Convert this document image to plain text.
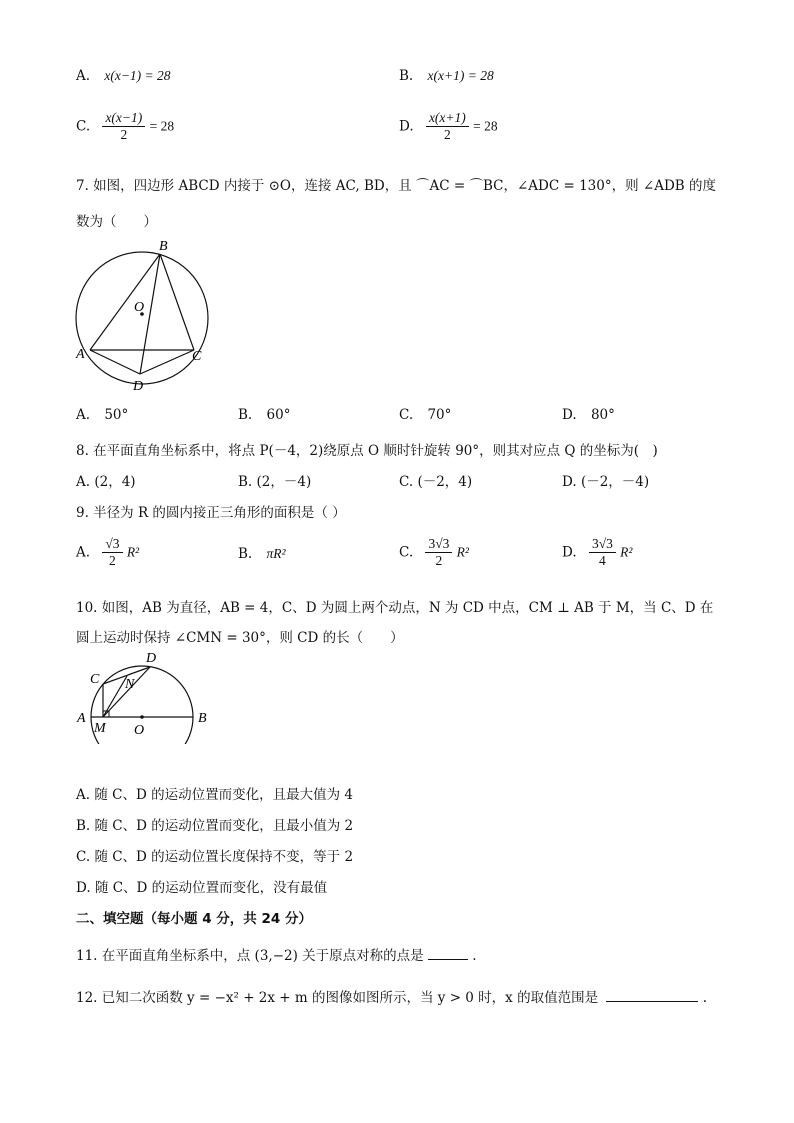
A. x(x−1) = 28	B. x(x+1) = 28
C. $\frac{x(x-1)}{2} = 28$	D. $\frac{x(x+1)}{2} = 28$
7. 如图，四边形 ABCD 内接于 ⊙O，连接 AC, BD，且 ⌒AC = ⌒BC，∠ADC = 130°，则 ∠ADB 的度
数为（　　）
B
O
A	C
D
A. 50°	B. 60°	C. 70°	D. 80°
8. 在平面直角坐标系中，将点 P(－4，2)绕原点 O 顺时针旋转 90°，则其对应点 Q 的坐标为(　)
A. (2，4)	B. (2，－4)	C. (－2，4)	D. (－2，－4)
9. 半径为 R 的圆内接正三角形的面积是（ ）
A. $\frac{√3}{2} R^2$	B. πR²	C. $\frac{3√3}{2} R^2$	D. $\frac{3√3}{4} R^2$
10. 如图，AB 为直径，AB = 4，C、D 为圆上两个动点，N 为 CD 中点，CM ⊥ AB 于 M，当 C、D 在
圆上运动时保持 ∠CMN = 30°，则 CD 的长（　　）
A	B
C
D
N
M O
A. 随 C、D 的运动位置而变化，且最大值为 4
B. 随 C、D 的运动位置而变化，且最小值为 2
C. 随 C、D 的运动位置长度保持不变，等于 2
D. 随 C、D 的运动位置而变化，没有最值
二、填空题（每小题 4 分，共 24 分）
11. 在平面直角坐标系中，点 (3,−2) 关于原点对称的点是	.
12. 已知二次函数 y = −x² + 2x + m 的图像如图所示，当 y > 0 时，x 的取值范围是	.
